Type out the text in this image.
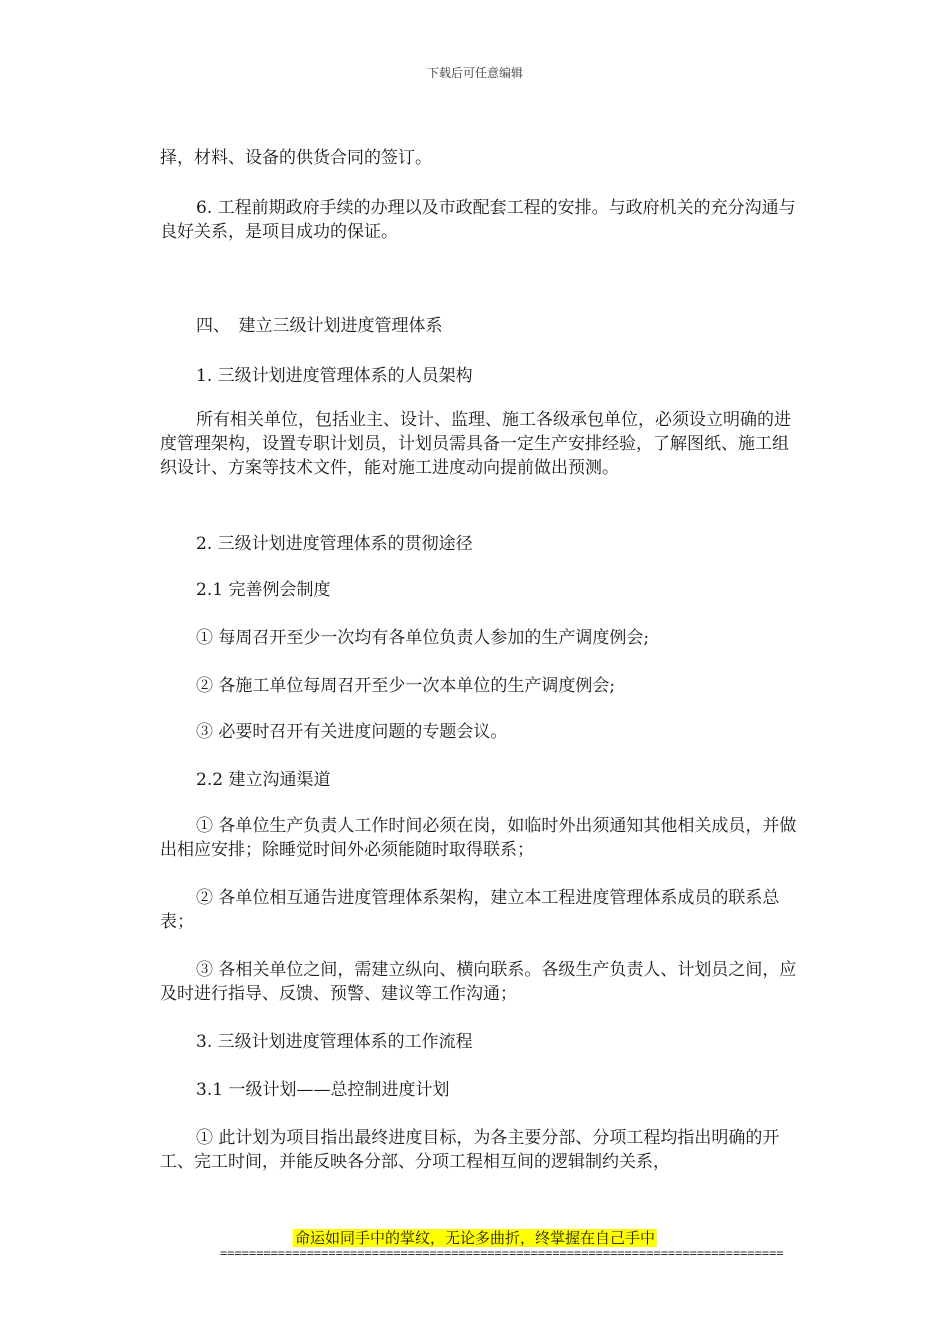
下载后可任意编辑

择，材料、设备的供货合同的签订。

6. 工程前期政府手续的办理以及市政配套工程的安排。与政府机关的充分沟通与良好关系，是项目成功的保证。

四、　建立三级计划进度管理体系

1. 三级计划进度管理体系的人员架构

所有相关单位，包括业主、设计、监理、施工各级承包单位，必须设立明确的进度管理架构，设置专职计划员，计划员需具备一定生产安排经验，了解图纸、施工组织设计、方案等技术文件，能对施工进度动向提前做出预测。

2. 三级计划进度管理体系的贯彻途径

2.1 完善例会制度

① 每周召开至少一次均有各单位负责人参加的生产调度例会;

② 各施工单位每周召开至少一次本单位的生产调度例会;

③ 必要时召开有关进度问题的专题会议。

2.2 建立沟通渠道

① 各单位生产负责人工作时间必须在岗，如临时外出须通知其他相关成员，并做出相应安排；除睡觉时间外必须能随时取得联系；

② 各单位相互通告进度管理体系架构，建立本工程进度管理体系成员的联系总表；

③ 各相关单位之间，需建立纵向、横向联系。各级生产负责人、计划员之间，应及时进行指导、反馈、预警、建议等工作沟通；

3. 三级计划进度管理体系的工作流程

3.1 一级计划——总控制进度计划

① 此计划为项目指出最终进度目标，为各主要分部、分项工程均指出明确的开工、完工时间，并能反映各分部、分项工程相互间的逻辑制约关系，

命运如同手中的掌纹，无论多曲折，终掌握在自己手中
==============================================================================
